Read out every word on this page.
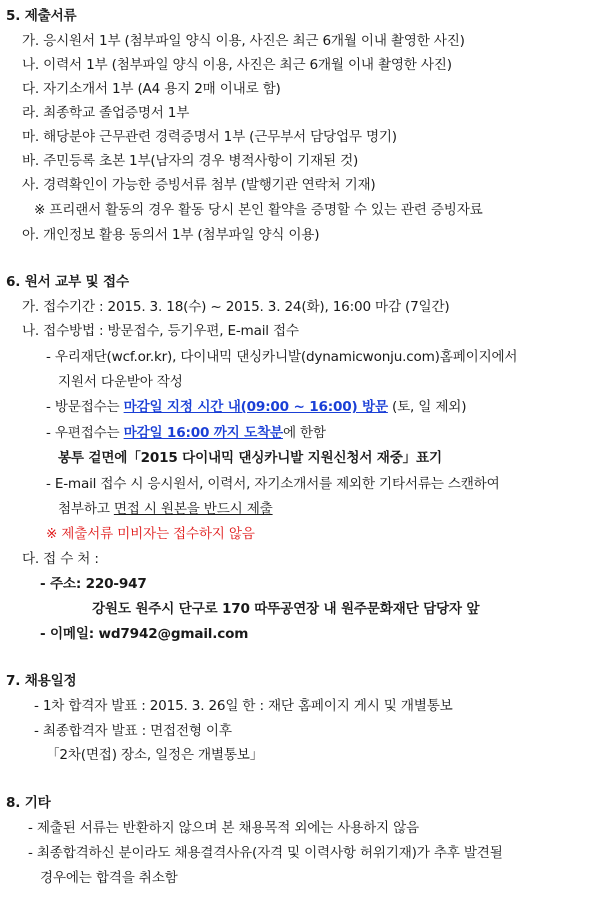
5. 제출서류
가. 응시원서 1부 (첨부파일 양식 이용, 사진은 최근 6개월 이내 촬영한 사진)
나. 이력서 1부 (첨부파일 양식 이용, 사진은 최근 6개월 이내 촬영한 사진)
다. 자기소개서 1부 (A4 용지 2매 이내로 함)
라. 최종학교 졸업증명서 1부
마. 해당분야 근무관련 경력증명서 1부 (근무부서 담당업무 명기)
바. 주민등록 초본 1부(남자의 경우 병적사항이 기재된 것)
사. 경력확인이 가능한 증빙서류 첨부 (발행기관 연락처 기재)
※ 프리랜서 활동의 경우 활동 당시 본인 활약을 증명할 수 있는 관련 증빙자료
아. 개인정보 활용 동의서 1부 (첨부파일 양식 이용)
6. 원서 교부 및 접수
가. 접수기간 : 2015. 3. 18(수) ~ 2015. 3. 24(화), 16:00 마감 (7일간)
나. 접수방법 : 방문접수, 등기우편, E-mail 접수
- 우리재단(wcf.or.kr), 다이내믹 댄싱카니발(dynamicwonju.com)홈페이지에서
지원서 다운받아 작성
- 방문접수는 마감일 지정 시간 내(09:00 ~ 16:00) 방문 (토, 일 제외)
- 우편접수는 마감일 16:00 까지 도착분에 한함
봉투 겉면에「2015 다이내믹 댄싱카니발 지원신청서 재중」표기
- E-mail 접수 시 응시원서, 이력서, 자기소개서를 제외한 기타서류는 스캔하여
첨부하고 면접 시 원본을 반드시 제출
※ 제출서류 미비자는 접수하지 않음
다. 접 수 처 :
- 주소: 220-947
강원도 원주시 단구로 170 따뚜공연장 내 원주문화재단 담당자 앞
- 이메일: wd7942@gmail.com
7. 채용일정
- 1차 합격자 발표 : 2015. 3. 26일 한 : 재단 홈페이지 게시 및 개별통보
- 최종합격자 발표 : 면접전형 이후
「2차(면접) 장소, 일정은 개별통보」
8. 기타
- 제출된 서류는 반환하지 않으며 본 채용목적 외에는 사용하지 않음
- 최종합격하신 분이라도 채용결격사유(자격 및 이력사항 허위기재)가 추후 발견될
경우에는 합격을 취소함
